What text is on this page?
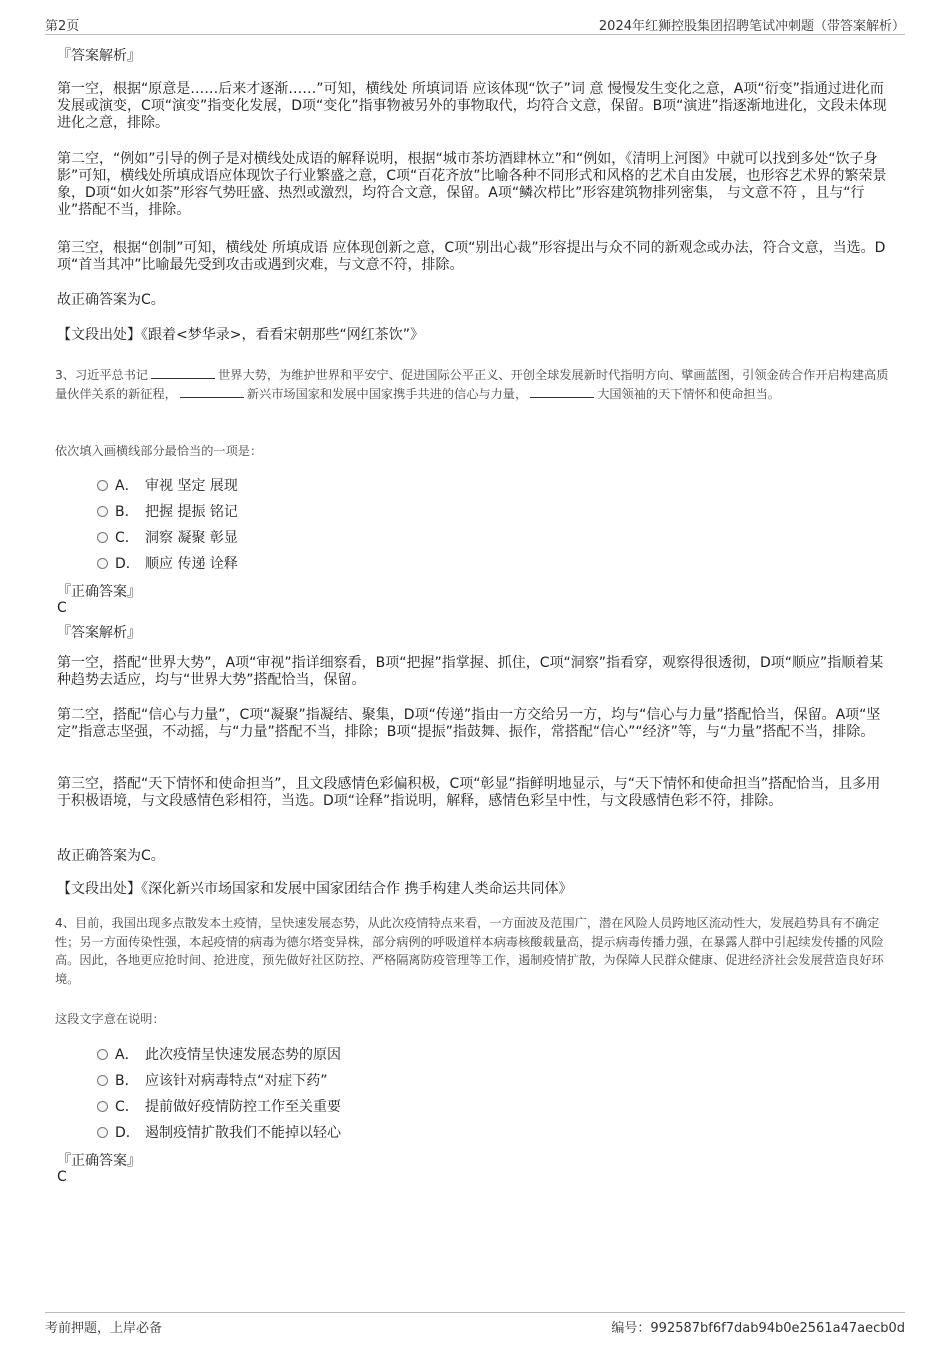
第2页	2024年红狮控股集团招聘笔试冲刺题（带答案解析）
『答案解析』
第一空，根据“原意是……后来才逐渐……”可知，横线处 所填词语 应该体现“饮子”词 意 慢慢发生变化之意，A项“衍变”指通过进化而发展或演变，C项“演变”指变化发展，D项“变化”指事物被另外的事物取代，均符合文意，保留。B项“演进”指逐渐地进化，文段未体现进化之意，排除。
第二空，“例如”引导的例子是对横线处成语的解释说明，根据“城市茶坊酒肆林立”和“例如，《清明上河图》中就可以找到多处“饮子身影”可知，横线处所填成语应体现饮子行业繁盛之意，C项“百花齐放”比喻各种不同形式和风格的艺术自由发展，也形容艺术界的繁荣景象，D项“如火如荼”形容气势旺盛、热烈或激烈，均符合文意，保留。A项“鳞次栉比”形容建筑物排列密集， 与文意不符 ，且与“行业”搭配不当，排除。
第三空，根据“创制”可知，横线处 所填成语 应体现创新之意，C项“别出心裁”形容提出与众不同的新观念或办法，符合文意，当选。D项“首当其冲”比喻最先受到攻击或遇到灾难，与文意不符，排除。
故正确答案为C。
【文段出处】《跟着<梦华录>，看看宋朝那些“网红茶饮”》
3、习近平总书记	世界大势，为维护世界和平安宁、促进国际公平正义、开创全球发展新时代指明方向、擘画蓝图，引领金砖合作开启构建高质量伙伴关系的新征程，	新兴市场国家和发展中国家携手共进的信心与力量，	大国领袖的天下情怀和使命担当。
依次填入画横线部分最恰当的一项是：
A． 审视 坚定 展现
B． 把握 提振 铭记
C． 洞察 凝聚 彰显
D． 顺应 传递 诠释
『正确答案』
C
『答案解析』
第一空，搭配“世界大势”，A项“审视”指详细察看，B项“把握”指掌握、抓住，C项“洞察”指看穿，观察得很透彻，D项“顺应”指顺着某种趋势去适应，均与“世界大势”搭配恰当，保留。
第二空，搭配“信心与力量”，C项“凝聚”指凝结、聚集，D项“传递”指由一方交给另一方，均与“信心与力量”搭配恰当，保留。A项“坚定”指意志坚强，不动摇，与“力量”搭配不当，排除；B项“提振”指鼓舞、振作，常搭配“信心”“经济”等，与“力量”搭配不当，排除。
第三空，搭配“天下情怀和使命担当”，且文段感情色彩偏积极，C项“彰显”指鲜明地显示，与“天下情怀和使命担当”搭配恰当，且多用于积极语境，与文段感情色彩相符，当选。D项“诠释”指说明，解释，感情色彩呈中性，与文段感情色彩不符，排除。
故正确答案为C。
【文段出处】《深化新兴市场国家和发展中国家团结合作 携手构建人类命运共同体》
4、目前，我国出现多点散发本土疫情，呈快速发展态势，从此次疫情特点来看，一方面波及范围广，潜在风险人员跨地区流动性大，发展趋势具有不确定性；另一方面传染性强，本起疫情的病毒为德尔塔变异株，部分病例的呼吸道样本病毒核酸载量高，提示病毒传播力强，在暴露人群中引起续发传播的风险高。因此，各地更应抢时间、抢进度，预先做好社区防控、严格隔离防疫管理等工作，遏制疫情扩散，为保障人民群众健康、促进经济社会发展营造良好环境。
这段文字意在说明：
A． 此次疫情呈快速发展态势的原因
B． 应该针对病毒特点“对症下药”
C． 提前做好疫情防控工作至关重要
D． 遏制疫情扩散我们不能掉以轻心
『正确答案』
C
考前押题，上岸必备	编号：992587bf6f7dab94b0e2561a47aecb0d
